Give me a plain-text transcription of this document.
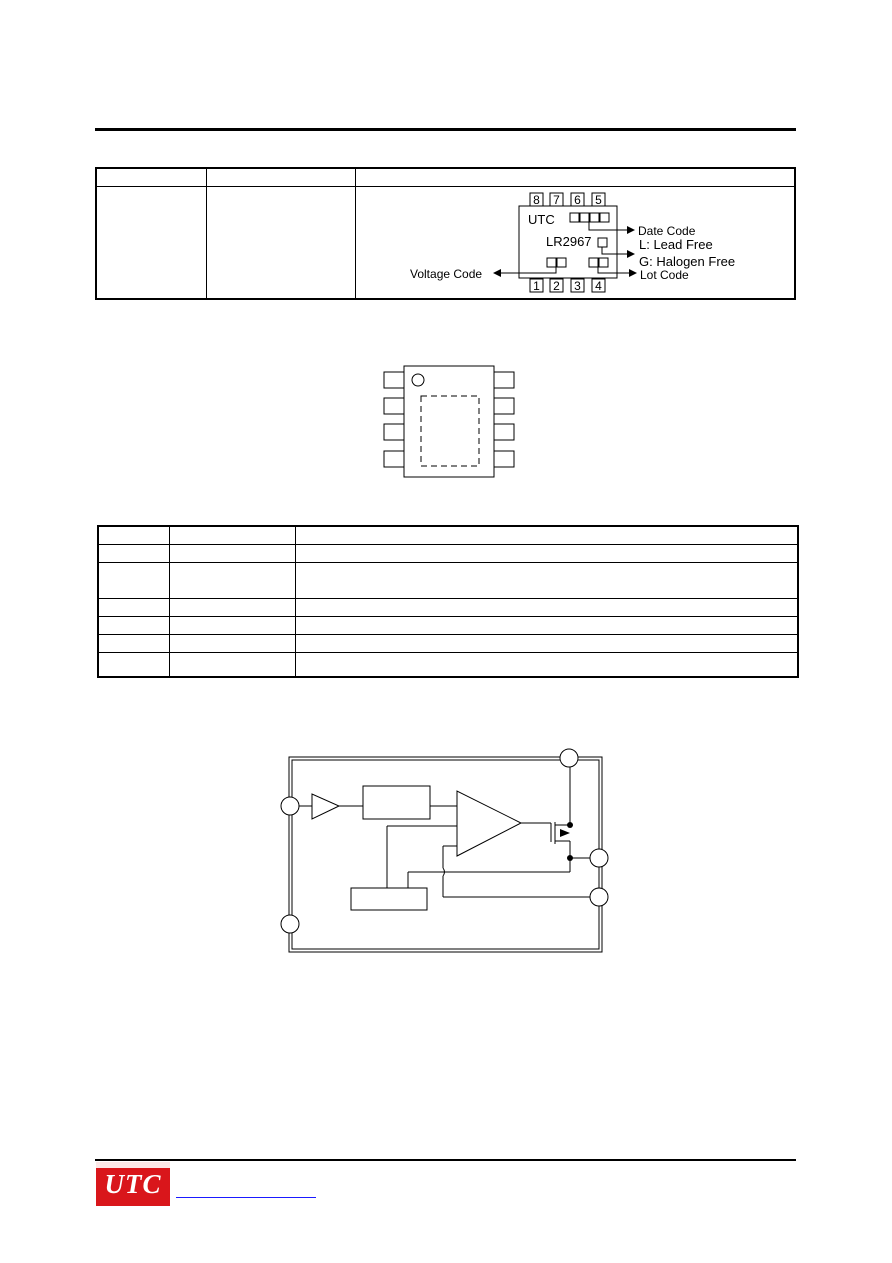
8 7 6 5
1 2 3 4
UTC
LR2967
Date Code
L: Lead Free
G: Halogen Free
Voltage Code	Lot Code

UTC
